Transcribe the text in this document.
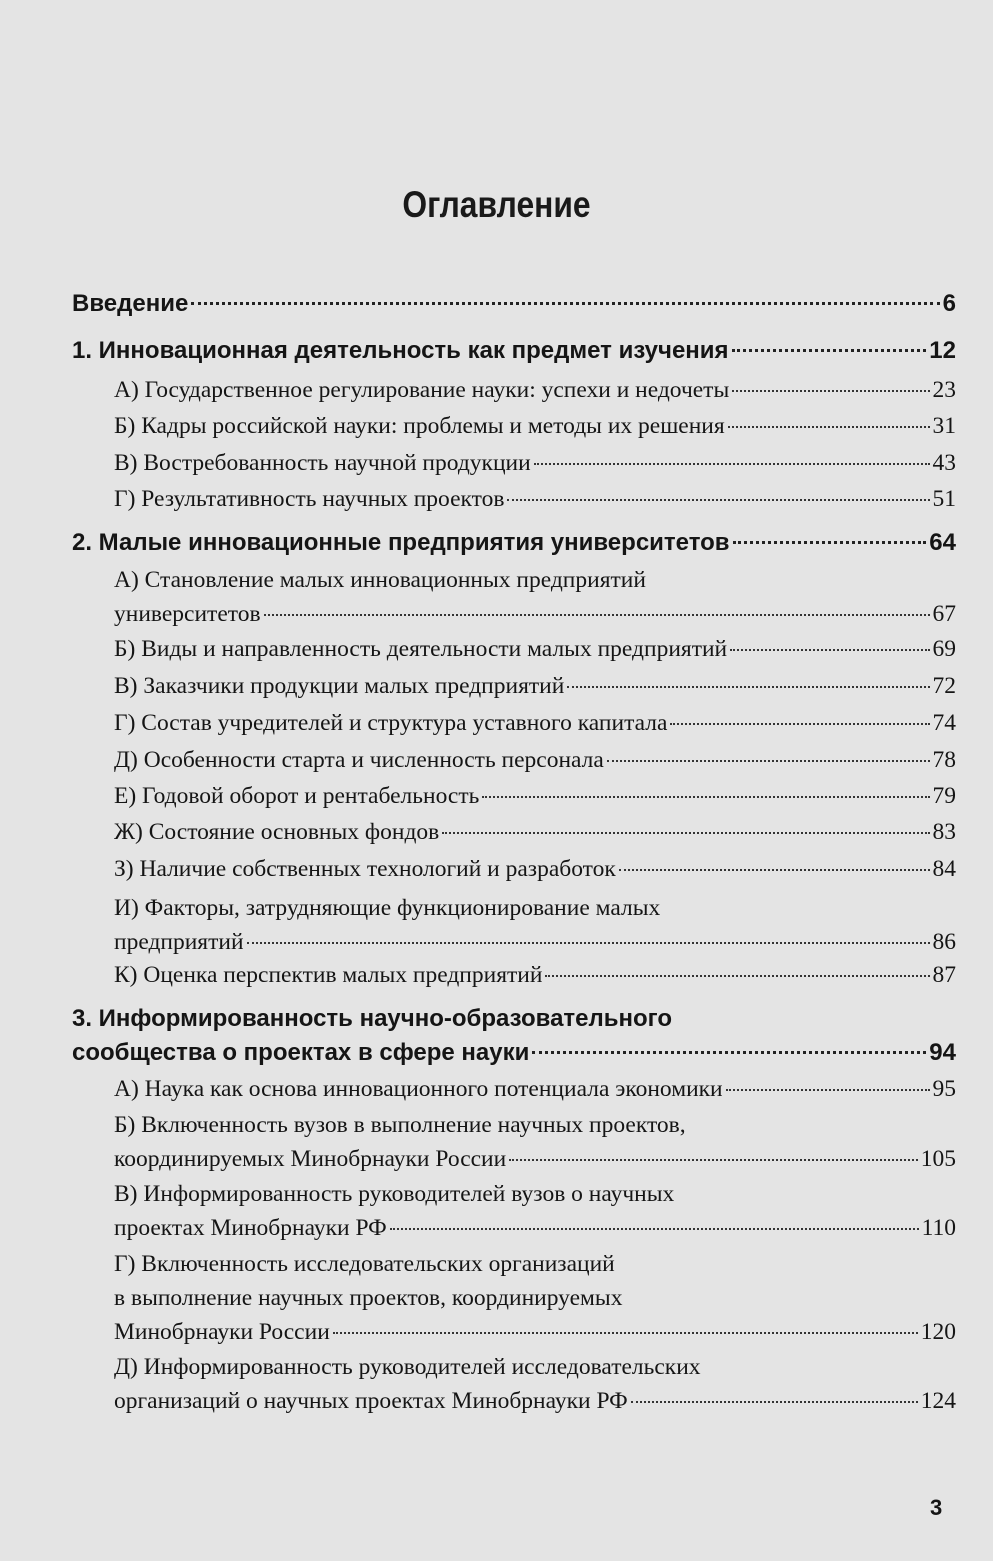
Оглавление
Введение	6
1. Инновационная деятельность как предмет изучения	12
А) Государственное регулирование науки: успехи и недочеты	23
Б) Кадры российской науки: проблемы и методы их решения	31
В) Востребованность научной продукции	43
Г) Результативность научных проектов	51
2. Малые инновационные предприятия университетов	64
А) Становление малых инновационных предприятий
университетов	67
Б) Виды и направленность деятельности малых предприятий	69
В) Заказчики продукции малых предприятий	72
Г) Состав учредителей и структура уставного капитала	74
Д) Особенности старта и численность персонала	78
Е) Годовой оборот и рентабельность	79
Ж) Состояние основных фондов	83
З) Наличие собственных технологий и разработок	84
И) Факторы, затрудняющие функционирование малых
предприятий	86
К) Оценка перспектив малых предприятий	87
3. Информированность научно-образовательного
сообщества о проектах в сфере науки	94
А) Наука как основа инновационного потенциала экономики	95
Б) Включенность вузов в выполнение научных проектов,
координируемых Минобрнауки России	105
В) Информированность руководителей вузов о научных
проектах Минобрнауки РФ	110
Г) Включенность исследовательских организаций
в выполнение научных проектов, координируемых
Минобрнауки России	120
Д) Информированность руководителей исследовательских
организаций о научных проектах Минобрнауки РФ	124
3
